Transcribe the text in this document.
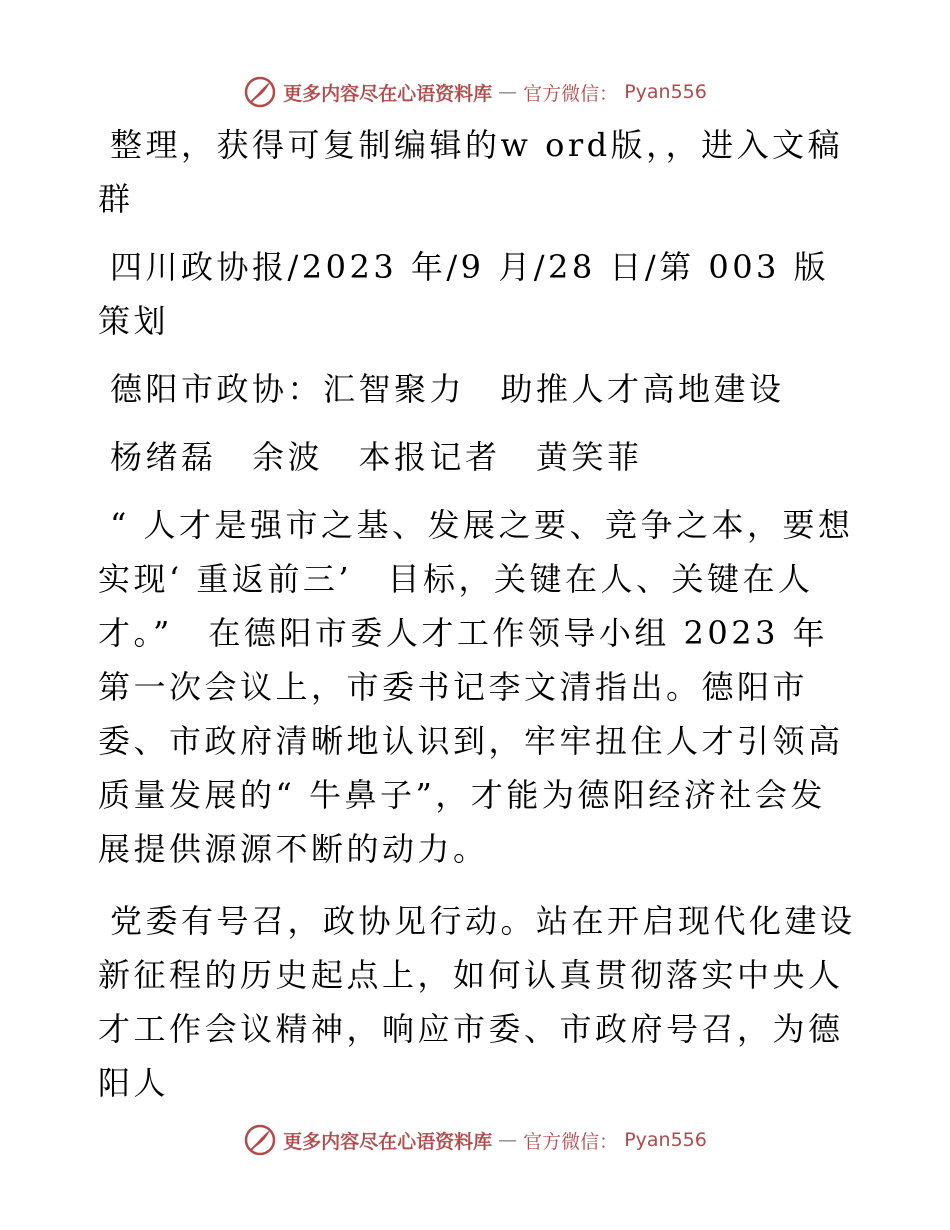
更多内容尽在心语资料库 — 官方微信： Pyan556

整理，获得可复制编辑的w ord版，，进入文稿群

四川政协报/2023 年/9 月/28 日/第 003 版策划

德阳市政协：汇智聚力　助推人才高地建设

杨绪磊　余波　本报记者　黄笑菲

“ 人才是强市之基、发展之要、竞争之本，要想实现‘ 重返前三’　目标，关键在人、关键在人才。”　在德阳市委人才工作领导小组 2023 年第一次会议上，市委书记李文清指出。德阳市委、市政府清晰地认识到，牢牢扭住人才引领高质量发展的“ 牛鼻子”，才能为德阳经济社会发展提供源源不断的动力。

党委有号召，政协见行动。站在开启现代化建设新征程的历史起点上，如何认真贯彻落实中央人才工作会议精神，响应市委、市政府号召，为德阳人

更多内容尽在心语资料库 — 官方微信： Pyan556
